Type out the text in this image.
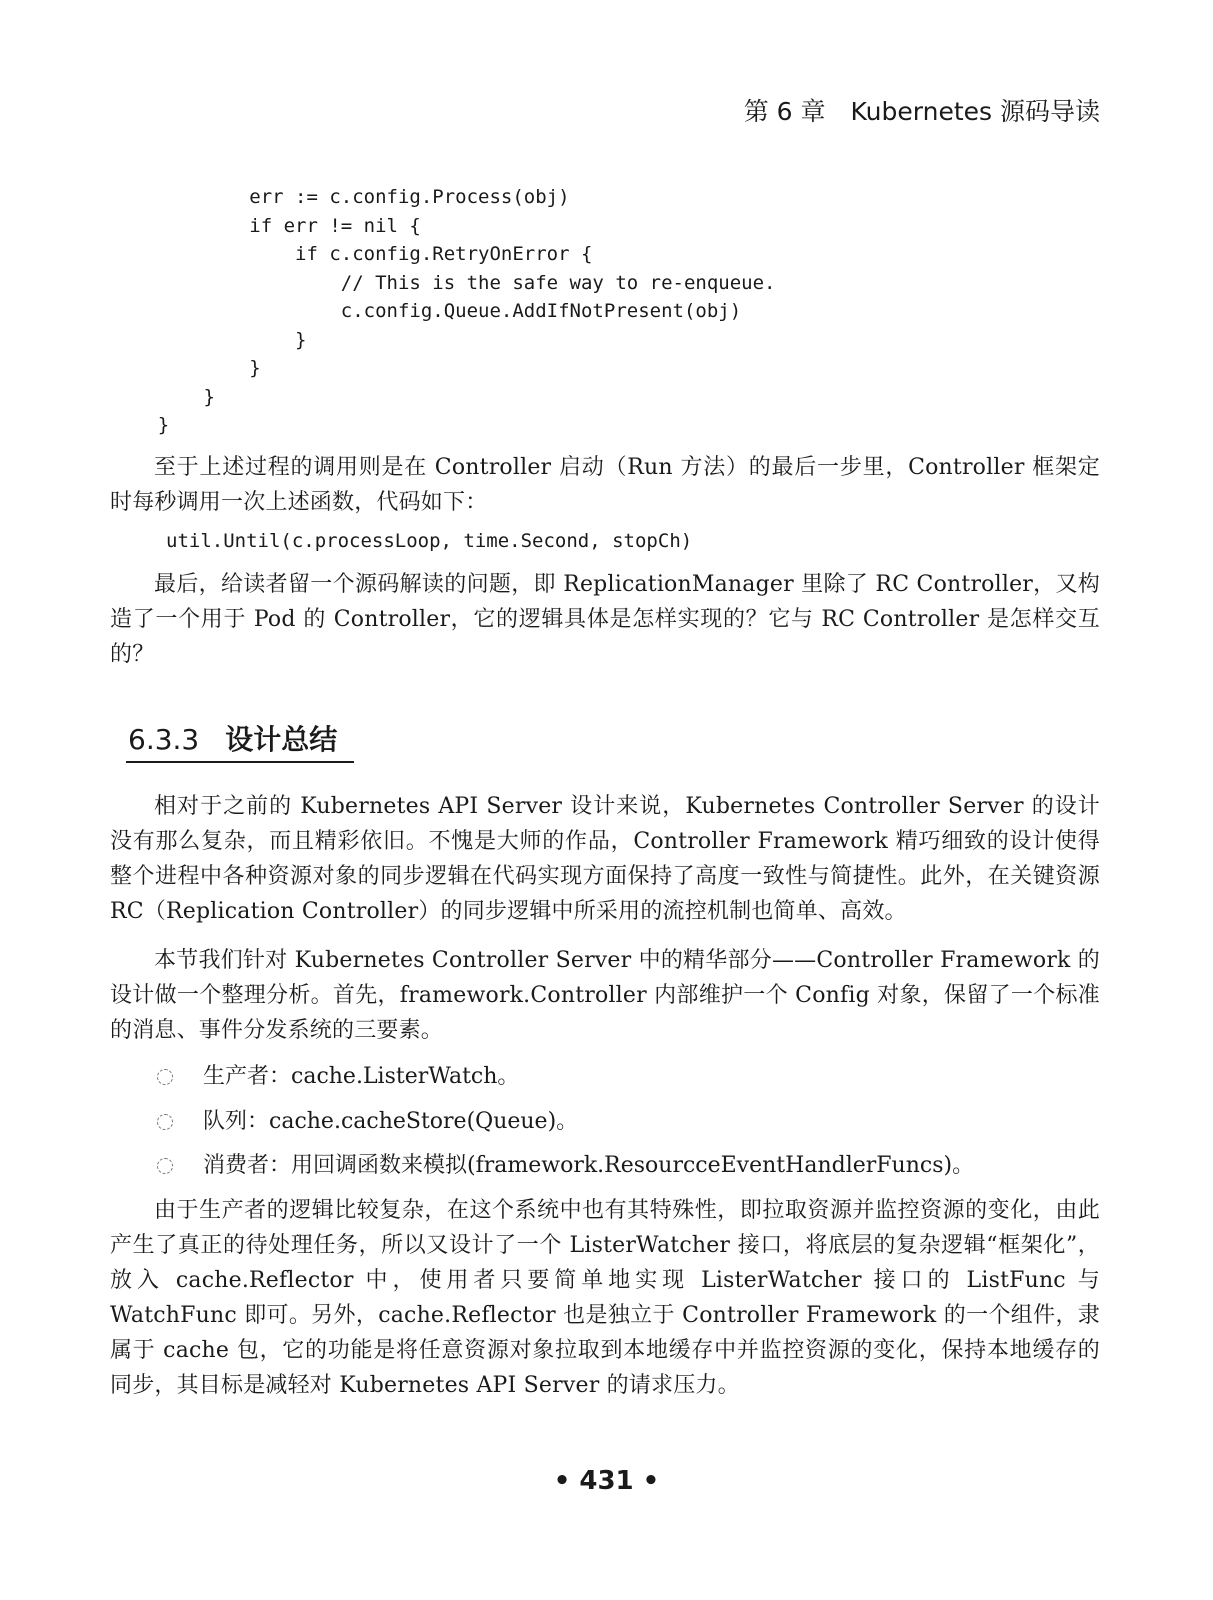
第 6 章　Kubernetes 源码导读
err := c.config.Process(obj)
if err != nil {
if c.config.RetryOnError {
// This is the safe way to re-enqueue.
c.config.Queue.AddIfNotPresent(obj)
}
}
}
}

至于上述过程的调用则是在 Controller 启动（Run 方法）的最后一步里，Controller 框架定时每秒调用一次上述函数，代码如下：

util.Until(c.processLoop, time.Second, stopCh)

最后，给读者留一个源码解读的问题，即 ReplicationManager 里除了 RC Controller，又构造了一个用于 Pod 的 Controller，它的逻辑具体是怎样实现的？它与 RC Controller 是怎样交互的？

6.3.3 设计总结

相对于之前的 Kubernetes API Server 设计来说，Kubernetes Controller Server 的设计没有那么复杂，而且精彩依旧。不愧是大师的作品，Controller Framework 精巧细致的设计使得整个进程中各种资源对象的同步逻辑在代码实现方面保持了高度一致性与简捷性。此外，在关键资源 RC（Replication Controller）的同步逻辑中所采用的流控机制也简单、高效。

本节我们针对 Kubernetes Controller Server 中的精华部分——Controller Framework 的设计做一个整理分析。首先，framework.Controller 内部维护一个 Config 对象，保留了一个标准的消息、事件分发系统的三要素。

生产者：cache.ListerWatch。
队列：cache.cacheStore(Queue)。
消费者：用回调函数来模拟(framework.ResourcceEventHandlerFuncs)。

由于生产者的逻辑比较复杂，在这个系统中也有其特殊性，即拉取资源并监控资源的变化，由此产生了真正的待处理任务，所以又设计了一个 ListerWatcher 接口，将底层的复杂逻辑“框架化”，放入 cache.Reflector 中，使用者只要简单地实现 ListerWatcher 接口的 ListFunc 与 WatchFunc 即可。另外，cache.Reflector 也是独立于 Controller Framework 的一个组件，隶属于 cache 包，它的功能是将任意资源对象拉取到本地缓存中并监控资源的变化，保持本地缓存的同步，其目标是减轻对 Kubernetes API Server 的请求压力。

• 431 •
